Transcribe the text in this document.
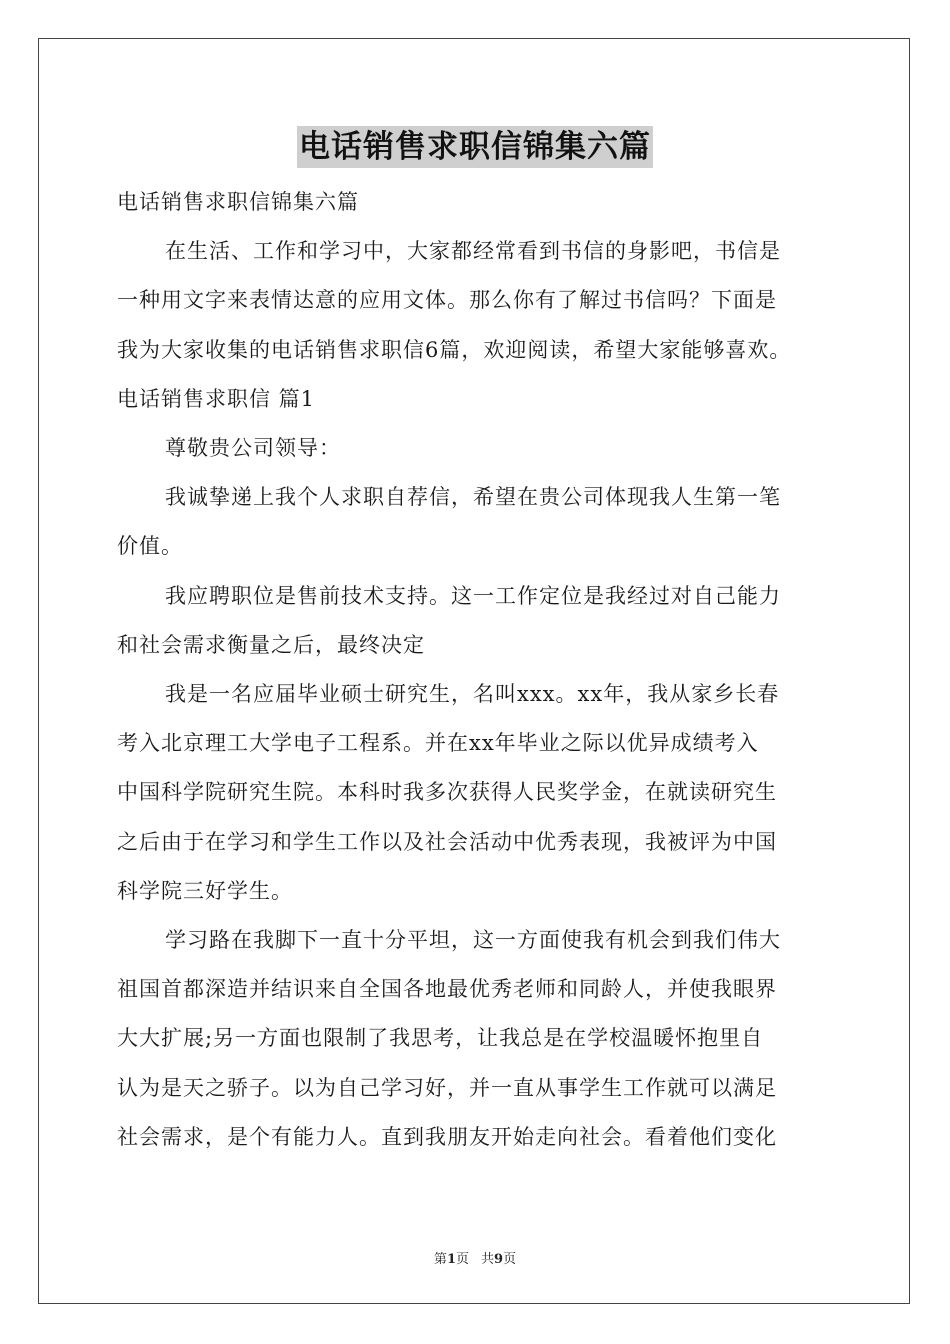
电话销售求职信锦集六篇

电话销售求职信锦集六篇

在生活、工作和学习中，大家都经常看到书信的身影吧，书信是

一种用文字来表情达意的应用文体。那么你有了解过书信吗？下面是

我为大家收集的电话销售求职信6篇，欢迎阅读，希望大家能够喜欢。

电话销售求职信 篇1

尊敬贵公司领导：

我诚挚递上我个人求职自荐信，希望在贵公司体现我人生第一笔

价值。

我应聘职位是售前技术支持。这一工作定位是我经过对自己能力

和社会需求衡量之后，最终决定

我是一名应届毕业硕士研究生，名叫xxx。xx年，我从家乡长春

考入北京理工大学电子工程系。并在xx年毕业之际以优异成绩考入

中国科学院研究生院。本科时我多次获得人民奖学金，在就读研究生

之后由于在学习和学生工作以及社会活动中优秀表现，我被评为中国

科学院三好学生。

学习路在我脚下一直十分平坦，这一方面使我有机会到我们伟大

祖国首都深造并结识来自全国各地最优秀老师和同龄人，并使我眼界

大大扩展;另一方面也限制了我思考，让我总是在学校温暖怀抱里自

认为是天之骄子。以为自己学习好，并一直从事学生工作就可以满足

社会需求，是个有能力人。直到我朋友开始走向社会。看着他们变化

第1页 共9页
